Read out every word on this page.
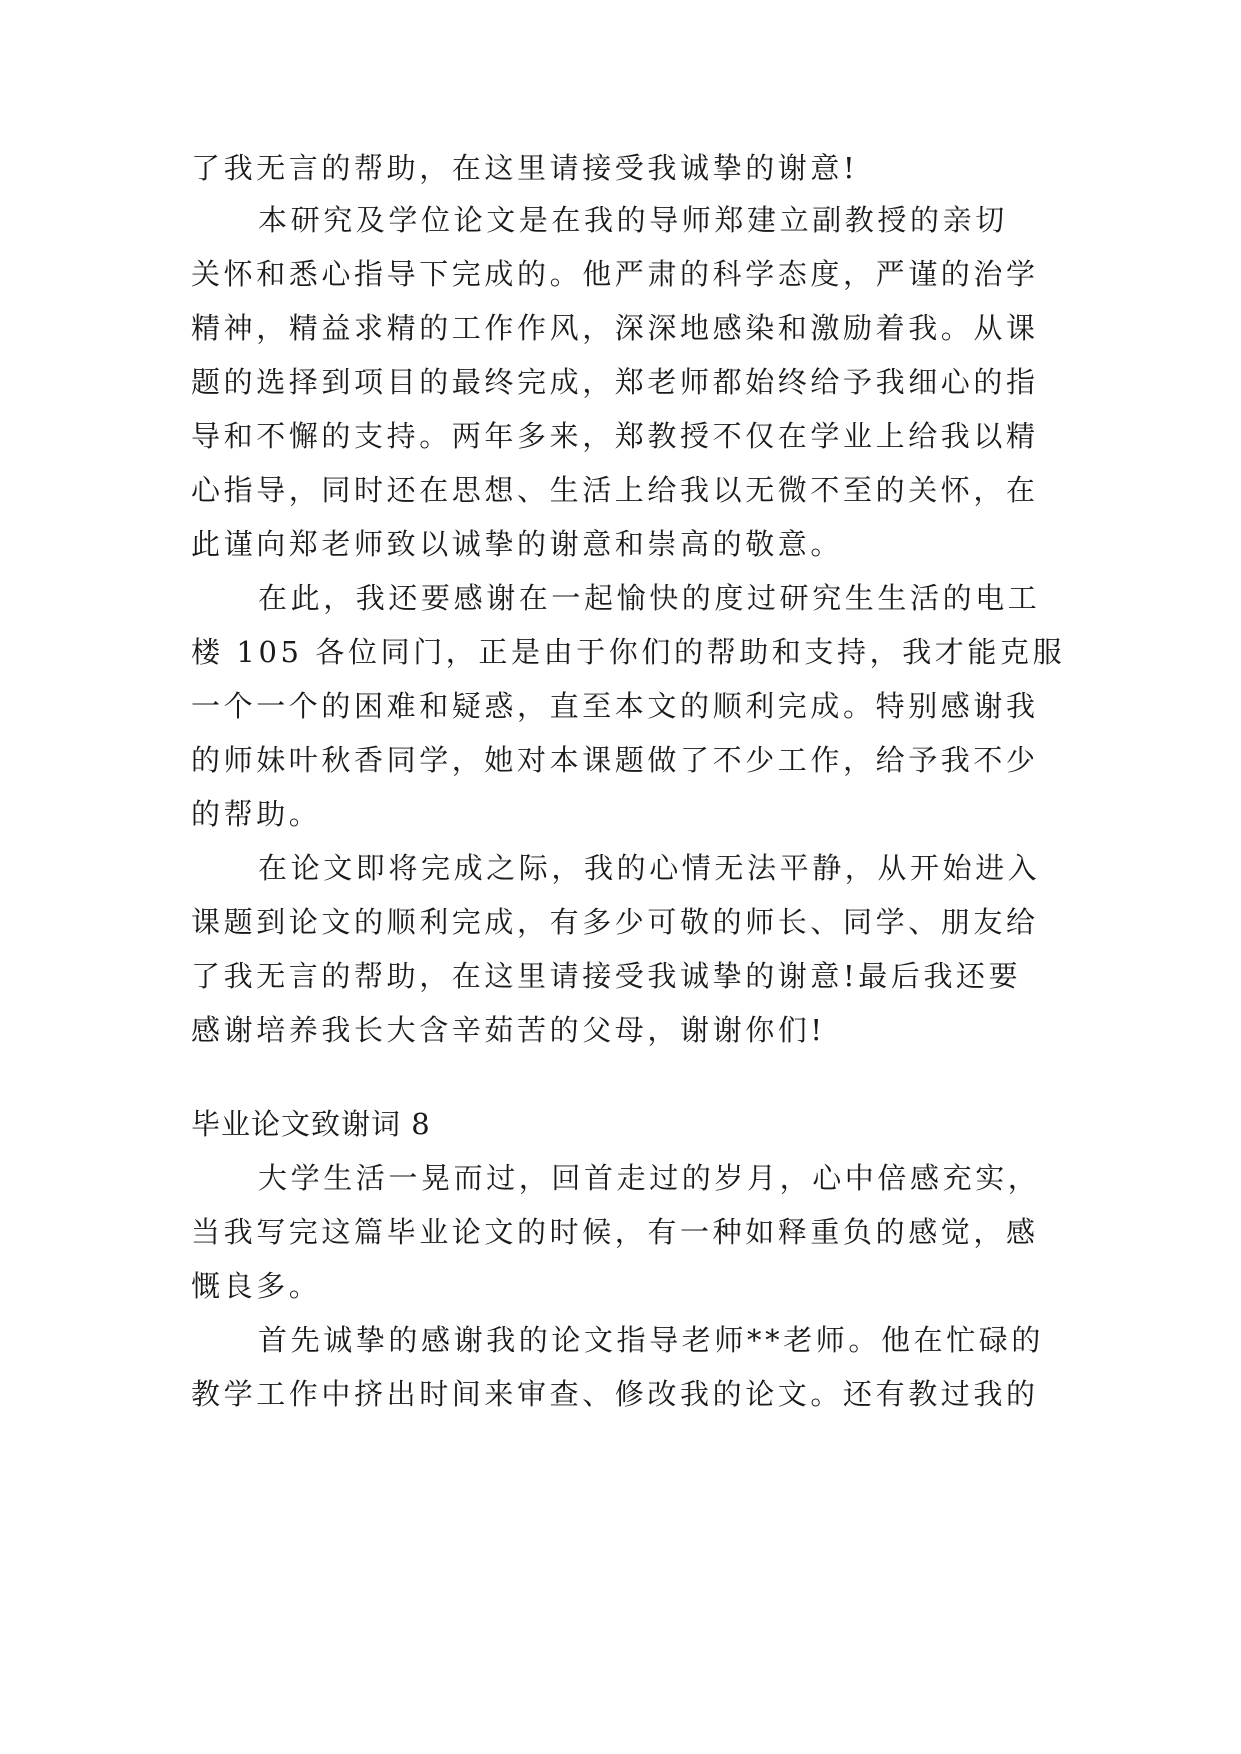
了我无言的帮助，在这里请接受我诚挚的谢意!
本研究及学位论文是在我的导师郑建立副教授的亲切
关怀和悉心指导下完成的。他严肃的科学态度，严谨的治学
精神，精益求精的工作作风，深深地感染和激励着我。从课
题的选择到项目的最终完成，郑老师都始终给予我细心的指
导和不懈的支持。两年多来，郑教授不仅在学业上给我以精
心指导，同时还在思想、生活上给我以无微不至的关怀，在
此谨向郑老师致以诚挚的谢意和崇高的敬意。
在此，我还要感谢在一起愉快的度过研究生生活的电工
楼 105 各位同门，正是由于你们的帮助和支持，我才能克服
一个一个的困难和疑惑，直至本文的顺利完成。特别感谢我
的师妹叶秋香同学，她对本课题做了不少工作，给予我不少
的帮助。
在论文即将完成之际，我的心情无法平静，从开始进入
课题到论文的顺利完成，有多少可敬的师长、同学、朋友给
了我无言的帮助，在这里请接受我诚挚的谢意!最后我还要
感谢培养我长大含辛茹苦的父母，谢谢你们!
毕业论文致谢词 8
大学生活一晃而过，回首走过的岁月，心中倍感充实，
当我写完这篇毕业论文的时候，有一种如释重负的感觉，感
慨良多。
首先诚挚的感谢我的论文指导老师**老师。他在忙碌的
教学工作中挤出时间来审查、修改我的论文。还有教过我的
